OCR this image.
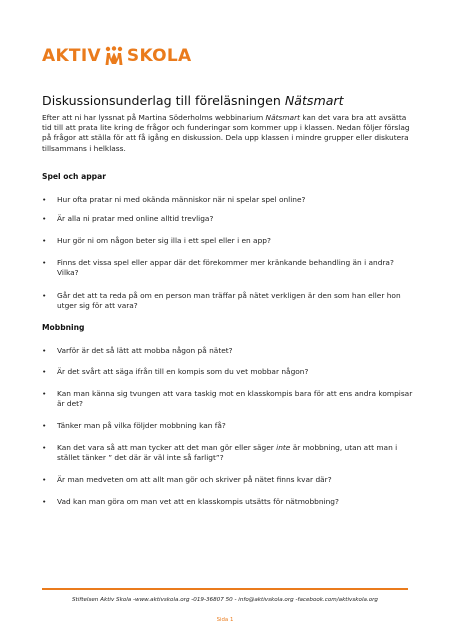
AKTIV SKOLA
Diskussionsunderlag till föreläsningen Nätsmart
Efter att ni har lyssnat på Martina Söderholms webbinarium Nätsmart kan det vara bra att avsätta tid till att prata lite kring de frågor och funderingar som kommer upp i klassen. Nedan följer förslag på frågor att ställa för att få igång en diskussion. Dela upp klassen i mindre grupper eller diskutera tillsammans i helklass.
Spel och appar
•	Hur ofta pratar ni med okända människor när ni spelar spel online?
•	Är alla ni pratar med online alltid trevliga?
•	Hur gör ni om någon beter sig illa i ett spel eller i en app?
•	Finns det vissa spel eller appar där det förekommer mer kränkande behandling än i andra? Vilka?
•	Går det att ta reda på om en person man träffar på nätet verkligen är den som han eller hon utger sig för att vara?
Mobbning
•	Varför är det så lätt att mobba någon på nätet?
•	Är det svårt att säga ifrån till en kompis som du vet mobbar någon?
•	Kan man känna sig tvungen att vara taskig mot en klasskompis bara för att ens andra kompisar är det?
•	Tänker man på vilka följder mobbning kan få?
•	Kan det vara så att man tycker att det man gör eller säger inte är mobbning, utan att man i stället tänker ” det där är väl inte så farligt”?
•	Är man medveten om att allt man gör och skriver på nätet finns kvar där?
•	Vad kan man göra om man vet att en klasskompis utsätts för nätmobbning?
Stiftelsen Aktiv Skola -www.aktivskola.org -019-36807 50 - info@aktivskola.org -facebook.com/aktivskola.org
Sida 1
